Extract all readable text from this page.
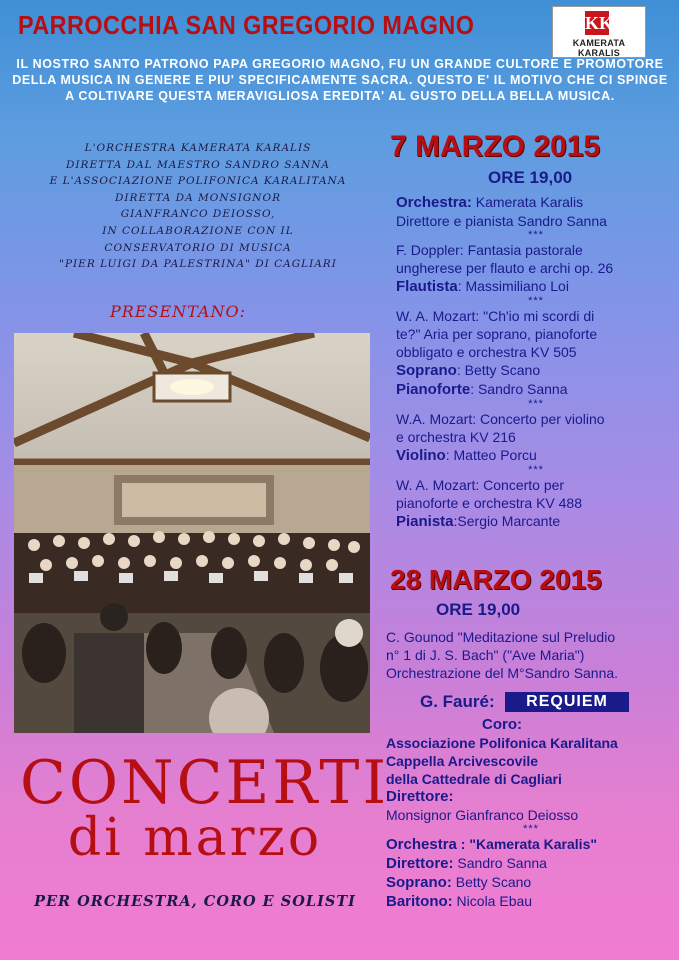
PARROCCHIA SAN GREGORIO MAGNO	KK
KAMERATA KARALIS
IL NOSTRO SANTO PATRONO PAPA GREGORIO MAGNO, FU UN GRANDE CULTORE E PROMOTORE DELLA MUSICA IN GENERE E PIU' SPECIFICAMENTE SACRA. QUESTO E' IL MOTIVO CHE CI SPINGE A COLTIVARE QUESTA MERAVIGLIOSA EREDITA' AL GUSTO DELLA BELLA MUSICA.
L'ORCHESTRA KAMERATA KARALIS
DIRETTA DAL MAESTRO SANDRO SANNA
E L'ASSOCIAZIONE POLIFONICA KARALITANA
DIRETTA DA MONSIGNOR
GIANFRANCO DEIOSSO,
IN COLLABORAZIONE CON IL
CONSERVATORIO DI MUSICA
"PIER LUIGI DA PALESTRINA" DI CAGLIARI
PRESENTANO:
7 MARZO 2015
ORE 19,00
Orchestra: Kamerata Karalis
Direttore e pianista Sandro Sanna
***
F. Doppler: Fantasia pastorale
ungherese per flauto e archi op. 26
Flautista: Massimiliano Loi
***
W. A. Mozart: "Ch'io mi scordi di
te?" Aria per soprano, pianoforte
obbligato e orchestra KV 505
Soprano: Betty Scano
Pianoforte: Sandro Sanna
***
W.A. Mozart: Concerto per violino
e orchestra KV 216
Violino: Matteo Porcu
***
W. A. Mozart: Concerto per
pianoforte e orchestra KV 488
Pianista:Sergio Marcante
28 MARZO 2015
ORE 19,00
C. Gounod "Meditazione sul Preludio
n° 1 di J. S. Bach" ("Ave Maria")
Orchestrazione del M°Sandro Sanna.
G. Fauré:	REQUIEM
Coro:
Associazione Polifonica Karalitana
Cappella Arcivescovile
della Cattedrale di Cagliari
Direttore:
Monsignor Gianfranco Deiosso
***
Orchestra : "Kamerata Karalis"
Direttore: Sandro Sanna
Soprano: Betty Scano
Baritono: Nicola Ebau
CONCERTI
di marzo
PER ORCHESTRA, CORO E SOLISTI
